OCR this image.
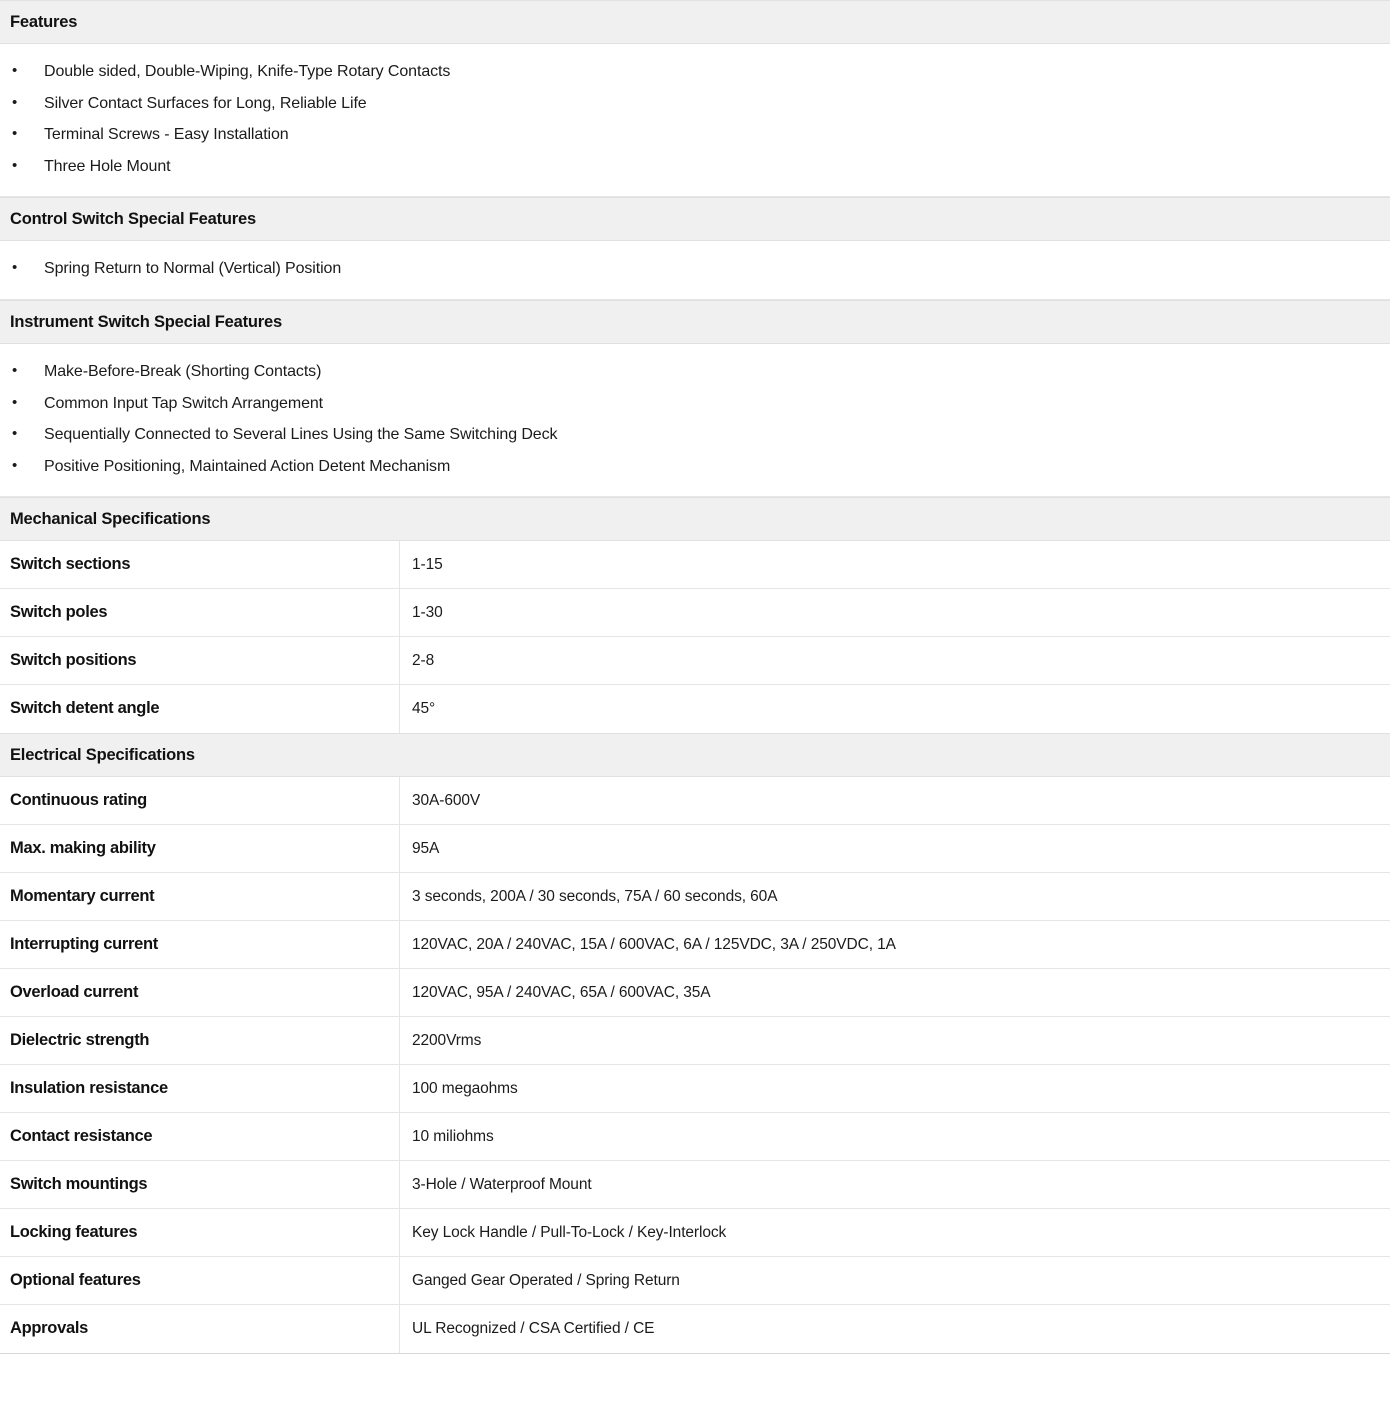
Features
•	Double sided, Double-Wiping, Knife-Type Rotary Contacts
•	Silver Contact Surfaces for Long, Reliable Life
•	Terminal Screws - Easy Installation
•	Three Hole Mount
Control Switch Special Features
•	Spring Return to Normal (Vertical) Position
Instrument Switch Special Features
•	Make-Before-Break (Shorting Contacts)
•	Common Input Tap Switch Arrangement
•	Sequentially Connected to Several Lines Using the Same Switching Deck
•	Positive Positioning, Maintained Action Detent Mechanism
Mechanical Specifications
Switch sections	1-15
Switch poles	1-30
Switch positions	2-8
Switch detent angle	45°
Electrical Specifications
Continuous rating	30A-600V
Max. making ability	95A
Momentary current	3 seconds, 200A / 30 seconds, 75A / 60 seconds, 60A
Interrupting current	120VAC, 20A / 240VAC, 15A / 600VAC, 6A / 125VDC, 3A / 250VDC, 1A
Overload current	120VAC, 95A / 240VAC, 65A / 600VAC, 35A
Dielectric strength	2200Vrms
Insulation resistance	100 megaohms
Contact resistance	10 miliohms
Switch mountings	3-Hole / Waterproof Mount
Locking features	Key Lock Handle / Pull-To-Lock / Key-Interlock
Optional features	Ganged Gear Operated / Spring Return
Approvals	UL Recognized / CSA Certified / CE
